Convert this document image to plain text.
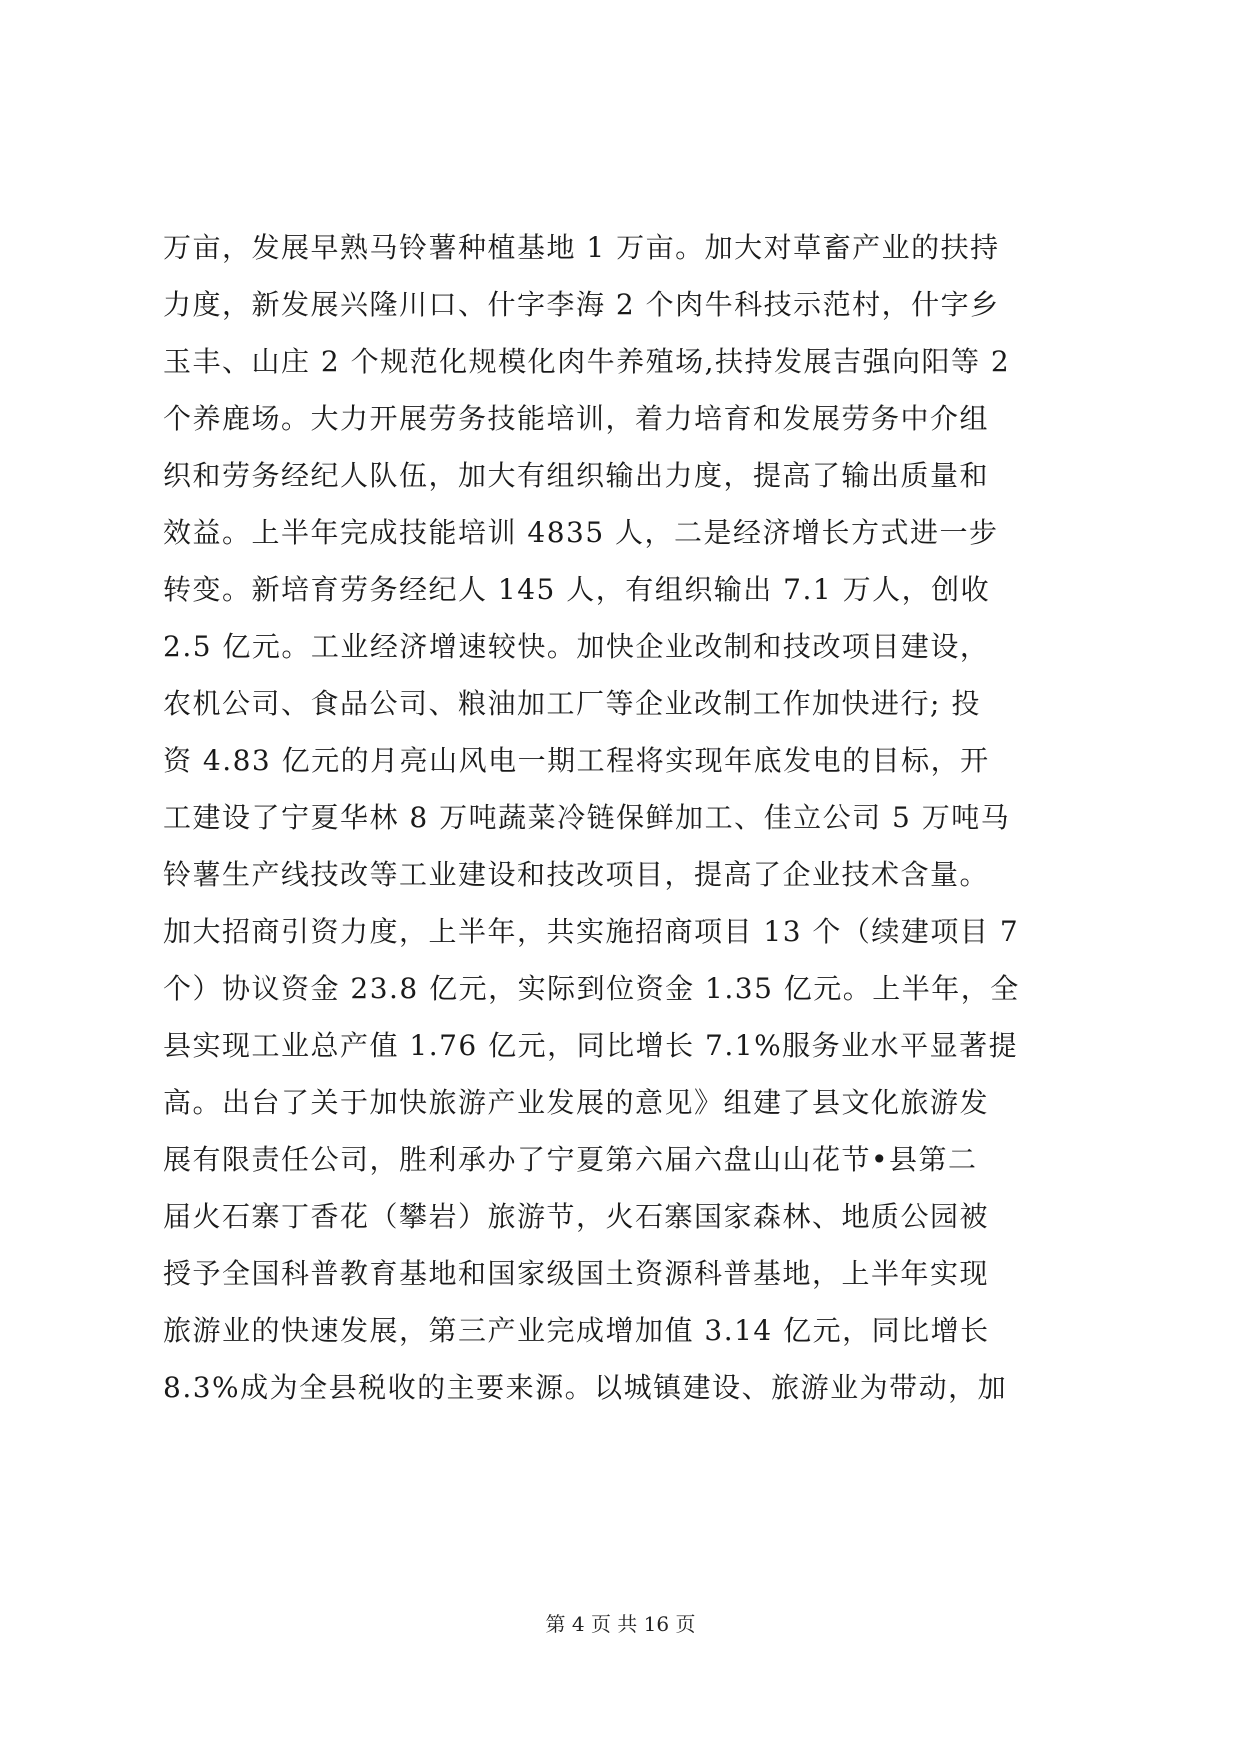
万亩，发展早熟马铃薯种植基地 1 万亩。加大对草畜产业的扶持
力度，新发展兴隆川口、什字李海 2 个肉牛科技示范村，什字乡
玉丰、山庄 2 个规范化规模化肉牛养殖场,扶持发展吉强向阳等 2
个养鹿场。大力开展劳务技能培训，着力培育和发展劳务中介组
织和劳务经纪人队伍，加大有组织输出力度，提高了输出质量和
效益。上半年完成技能培训 4835 人，二是经济增长方式进一步
转变。新培育劳务经纪人 145 人，有组织输出 7.1 万人，创收
2.5 亿元。工业经济增速较快。加快企业改制和技改项目建设，
农机公司、食品公司、粮油加工厂等企业改制工作加快进行; 投
资 4.83 亿元的月亮山风电一期工程将实现年底发电的目标，开
工建设了宁夏华林 8 万吨蔬菜冷链保鲜加工、佳立公司 5 万吨马
铃薯生产线技改等工业建设和技改项目，提高了企业技术含量。
加大招商引资力度，上半年，共实施招商项目 13 个（续建项目 7
个）协议资金 23.8 亿元，实际到位资金 1.35 亿元。上半年，全
县实现工业总产值 1.76 亿元，同比增长 7.1%服务业水平显著提
高。出台了关于加快旅游产业发展的意见》组建了县文化旅游发
展有限责任公司，胜利承办了宁夏第六届六盘山山花节•县第二
届火石寨丁香花（攀岩）旅游节，火石寨国家森林、地质公园被
授予全国科普教育基地和国家级国土资源科普基地，上半年实现
旅游业的快速发展，第三产业完成增加值 3.14 亿元，同比增长
8.3%成为全县税收的主要来源。以城镇建设、旅游业为带动，加
第 4 页 共 16 页
